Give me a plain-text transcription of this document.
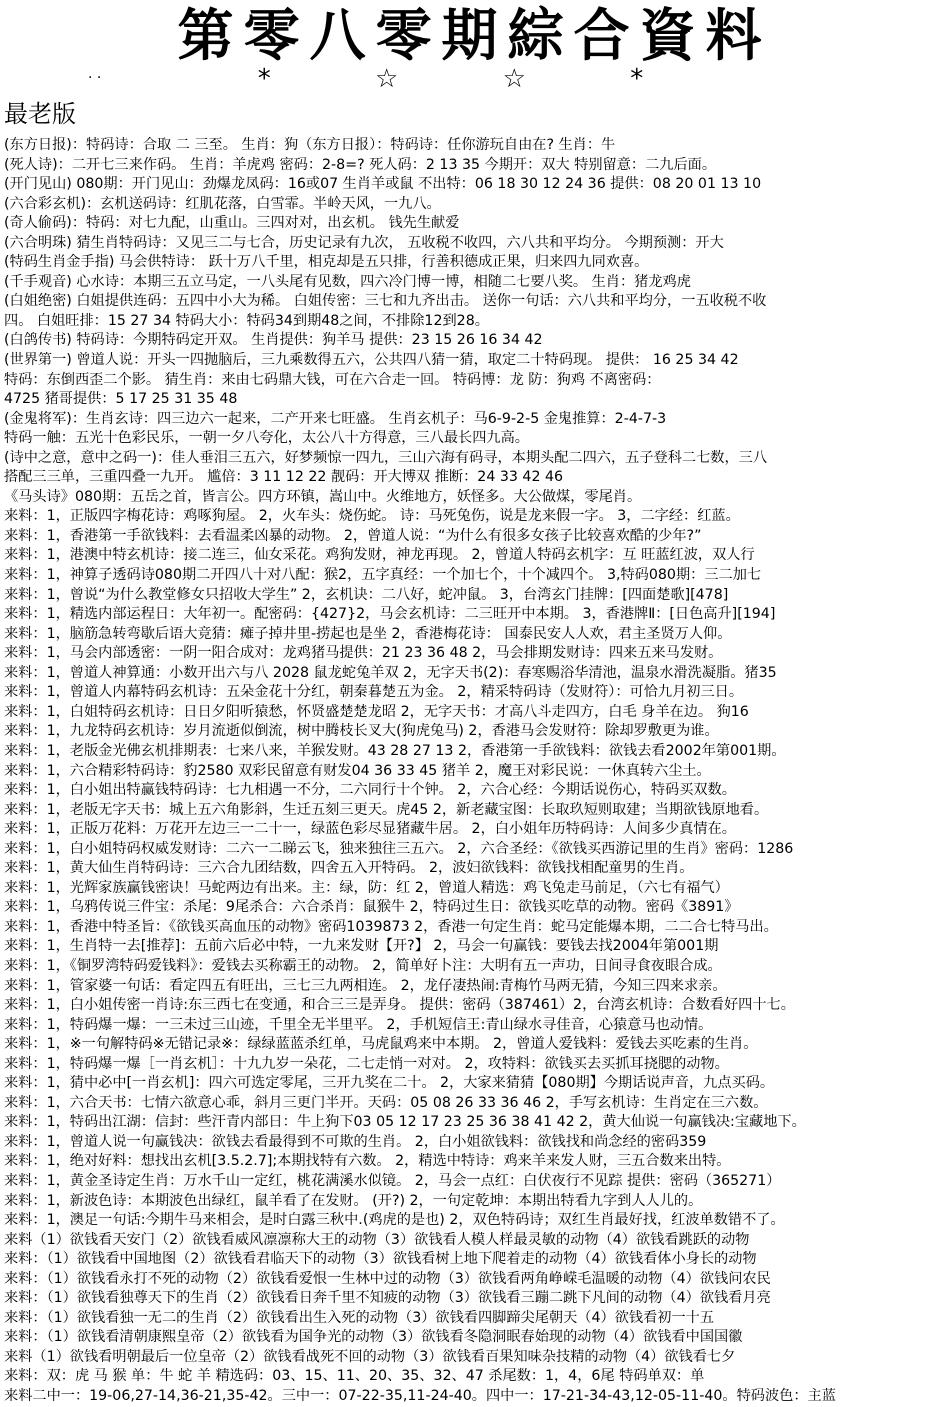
第零八零期綜合資料
. .	* ☆ ☆ *
最老版
(东方日报)：特码诗：合取 二 三至。 生肖：狗（东方日报）：特码诗：任你游玩自由在? 生肖：牛
(死人诗)：二开七三来作码。 生肖：羊虎鸡 密码：2-8=? 死人码：2 13 35 今期开：双大 特别留意：二九后面。
(开门见山) 080期：开门见山：劲爆龙凤码：16或07 生肖羊或鼠 不出特：06 18 30 12 24 36 提供：08 20 01 13 10
(六合彩玄机)：玄机送码诗：红肌花落，白雪霏。半岭天风，一九八。
(奇人偷码)：特码：对七九配，山重山。三四对对，出玄机。 钱先生献爱
(六合明珠) 猜生肖特码诗：又见三二与七合，历史记录有九次， 五收税不收四，六八共和平均分。 今期预测：开大
(特码生肖金手指) 马会供特诗： 跃十万八千里，相克却是五只排，行善积德成正果，归来四九同欢喜。
(千手观音) 心水诗：本期三五立马定，一八头尾有见数，四六冷门博一博，相随二七要八奖。 生肖：猪龙鸡虎
(白姐绝密) 白姐提供连码：五四中小大为稀。 白姐传密：三七和九齐出击。 送你一句话：六八共和平均分，一五收税不收
四。 白姐旺排：15 27 34 特码大小：特码34到期48之间，不排除12到28。
(白鸽传书) 特码诗：今期特码定开双。 生肖提供：狗羊马 提供：23 15 26 16 34 42
(世界第一) 曾道人说：开头一四抛脑后，三九乘数得五六，公共四八猜一猜，取定二十特码现。 提供： 16 25 34 42
特码：东倒西歪二个影。 猜生肖：来由七码鼎大钱，可在六合走一回。 特码博：龙 防：狗鸡 不离密码：
4725 猪哥提供：5 17 25 31 35 48
(金鬼将军)：生肖玄诗：四三边六一起来，二产开来七旺盛。 生肖玄机子：马6-9-2-5 金鬼推算：2-4-7-3
特码一触：五光十色彩民乐，一朝一夕八夸化，太公八十方得意，三八最长四九高。
(诗中之意，意中之码一)：佳人垂泪三五六，好梦频惊一四九，三山六海有码寻，本期头配二四六，五子登科二七数，三八
搭配三三单，三重四叠一九开。 尴倍：3 11 12 22 靓码：开大博双 推断：24 33 42 46
《马头诗》080期：五岳之首，皆言公。四方环镇，嵩山中。火维地方，妖怪多。大公做煤，零尾肖。
来料：1，正版四字梅花诗：鸡啄狗屋。 2，火车头：烧伤蛇。 诗：马死兔伤，说是龙来假一字。 3，二字经：红蓝。
来料：1，香港第一手欲钱料：去看温柔凶暴的动物。 2，曾道人说：“为什么有很多女孩子比较喜欢酷的少年?”
来料：1，港澳中特玄机诗：接二连三，仙女采花。鸡狗发财，神龙再现。 2，曾道人特码玄机字：互 旺蓝红波，双人行
来料：1，神算子透码诗080期二开四八十对八配：猴2，五字真经：一个加七个，十个减四个。 3,特码080期：三二加七
来料：1，曾说“为什么教堂修女只招收大学生” 2，玄机诀：二八好，蛇冲鼠。 3，台湾玄门挂牌：[四面楚歌][478]
来料：1，精选内部运程日：大年初一。配密码：{427}2，马会玄机诗：二三旺开中本期。 3，香港牌Ⅱ：[日色高升][194]
来料：1，脑筋急转弯歇后语大竞猜：瘫子掉井里-捞起也是坐 2，香港梅花诗： 国泰民安人人欢，君主圣贤万人仰。
来料：1，马会内部透密：一阴一阳合成对：龙鸡猪马提供：21 23 36 48 2，马会排期发财诗：四来五来马发财。
来料：1，曾道人神算通：小数开出六与八 2028 鼠龙蛇兔羊双 2，无字天书(2)：春寒赐浴华清池，温泉水滑洗凝脂。猪35
来料：1，曾道人内幕特码玄机诗：五朵金花十分红，朝秦暮楚五为金。 2，精采特码诗（发财符）：可恰九月初三日。
来料：1，白姐特码玄机诗：日日夕阳听猿愁，怀贤盛楚楚龙昭 2，无字天书：才高八斗走四方，白毛 身羊在边。 狗16
来料：1，九龙特码玄机诗：岁月流逝似倒流，树中腾枝长叉大(狗虎兔马) 2，香港马会发财符：除却罗敷更为谁。
来料：1，老版金光佛玄机排期表：七来八来，羊猴发财。43 28 27 13 2，香港第一手欲钱料：欲钱去看2002年第001期。
来料：1，六合精彩特码诗：豹2580 双彩民留意有财发04 36 33 45 猪羊 2，魔王对彩民说：一休真转六尘土。
来料：1，白小姐出特赢钱特码诗：七九相遇一不分，二六同行十个钟。 2，六合心经：今期话说伤心，特码买双数。
来料：1，老版无字天书：城上五六角影斜，生迁五刻三更天。虎45 2，新老藏宝图：长取玖短则取建；当期欲钱原地看。
来料：1，正版万花料：万花开左边三一二十一，绿蓝色彩尽显猪藏牛居。 2，白小姐年历特码诗：人间多少真情在。
来料：1，白小姐特码权威发财诗：二六一二睇云飞，独来独往三五六。 2，六合圣经：《欲钱买西游记里的生肖》密码：1286
来料：1，黄大仙生肖特码诗：三六合九团结数，四舍五入开特码。 2，波妇欲钱料：欲钱找相配童男的生肖。
来料：1，光辉家族赢钱密诀！马蛇两边有出来。主：绿，防：红 2，曾道人精选：鸡飞兔走马前足，（六七有福气）
来料：1，乌鸦传说三件宝：杀尾：9尾杀合：六合杀肖：鼠猴牛 2，特码过生日：欲钱买吃草的动物。密码《3891》
来料：1，香港中特圣旨：《欲钱买高血压的动物》密码1039873 2，香港一句定生肖：蛇马定能爆本期，二二合七特马出。
来料：1，生肖特一去[推荐]：五前六后必中特，一九来发财【开?】 2，马会一句赢钱：要钱去找2004年第001期
来料：1，《铜罗湾特码爱钱料》：爱钱去买称霸王的动物。 2，简单好卜注：大明有五一声功，日间寻食夜眼合成。
来料：1，管家婆一句话：看定四五有旺出，三七三九两相连。 2，龙仔凄热闹:青梅竹马两无猜，今知三四来求亲。
来料：1，白小姐传密一肖诗:东三西七在变通，和合三三是弄身。 提供：密码（387461）2，台湾玄机诗：合数看好四十七。
来料：1，特码爆一爆：一三未过三山迹，千里全无半里平。 2，手机短信王:青山绿水寻佳音，心猿意马也动情。
来料：1，※一句解特码※无错记录※：绿绿蓝蓝杀红单，马虎鼠鸡来中本期。 2，曾道人爱钱料：爱钱去买吃素的生肖。
来料：1，特码爆一爆［一肖玄机］：十九九岁一朵花，二七走悄一对对。 2，攻特料：欲钱买去买抓耳挠腮的动物。
来料：1，猜中必中[一肖玄机]：四六可选定零尾，三开九奖在二十。 2，大家来猜猜【080期】今期话说声音，九点买码。
来料：1，六合天书：七情六欲意心乖，斜月三更门半开。天码：05 08 26 33 36 46 2，手写玄机诗：生肖定在三六数。
来料：1，特码出江湖：信封：些汗青内部日：牛上狗下03 05 12 17 23 25 36 38 41 42 2，黄大仙说一句赢钱决:宝藏地下。
来料：1，曾道人说一句赢钱决：欲钱去看最得到不可欺的生肖。 2，白小姐欲钱料：欲钱找和尚念经的密码359
来料：1，绝对好料：想找出玄机[3.5.2.7];本期找特有六数。 2，精选中特诗：鸡来羊来发人财，三五合数来出特。
来料：1，黄金圣诗定生肖：万水千山一定红，桃花满溪水似镜。 2，马会一点红：白伏夜行不见踪 提供：密码（365271）
来料：1，新波色诗：本期波色出绿红，鼠羊看了在发财。 (开?) 2，一句定乾坤：本期出特看九字到人人儿的。
来料：1，澳足一句话:今期牛马来相会，是时白露三秋中.(鸡虎的是也) 2，双色特码诗；双红生肖最好找，红波单数错不了。
来料（1）欲钱看天安门（2）欲钱看威风凛凛称大王的动物（3）欲钱看人模人样最灵敏的动物（4）欲钱看跳跃的动物
来料：（1）欲钱看中国地图（2）欲钱看君临天下的动物（3）欲钱看树上地下爬着走的动物（4）欲钱看体小身长的动物
来料：（1）欲钱看永打不死的动物（2）欲钱看爱恨一生林中过的动物（3）欲钱看两角峥嵘毛温暖的动物（4）欲钱问农民
来料：（1）欲钱看独尊天下的生肖（2）欲钱看日奔千里不知疲的动物（3）欲钱看三蹦二跳下凡间的动物（4）欲钱看月亮
来料：（1）欲钱看独一无二的生肖（2）欲钱看出生入死的动物（3）欲钱看四脚蹄尖尾朝天（4）欲钱看初一十五
来料：（1）欲钱看清朝康熙皇帝（2）欲钱看为国争光的动物（3）欲钱看冬隐洞眠春始现的动物（4）欲钱看中国国徽
来料（1）欲钱看明朝最后一位皇帝（2）欲钱看战死不回的动物（3）欲钱看百果知味杂技精的动物（4）欲钱看七夕
来料：双：虎 马 猴 单：牛 蛇 羊 精选码：03、15、11、20、35、32、47 杀尾数：1，4，6尾 特码单双：单
来料二中一：19-06,27-14,36-21,35-42。三中一：07-22-35,11-24-40。四中一：17-21-34-43,12-05-11-40。特码波色：主蓝
